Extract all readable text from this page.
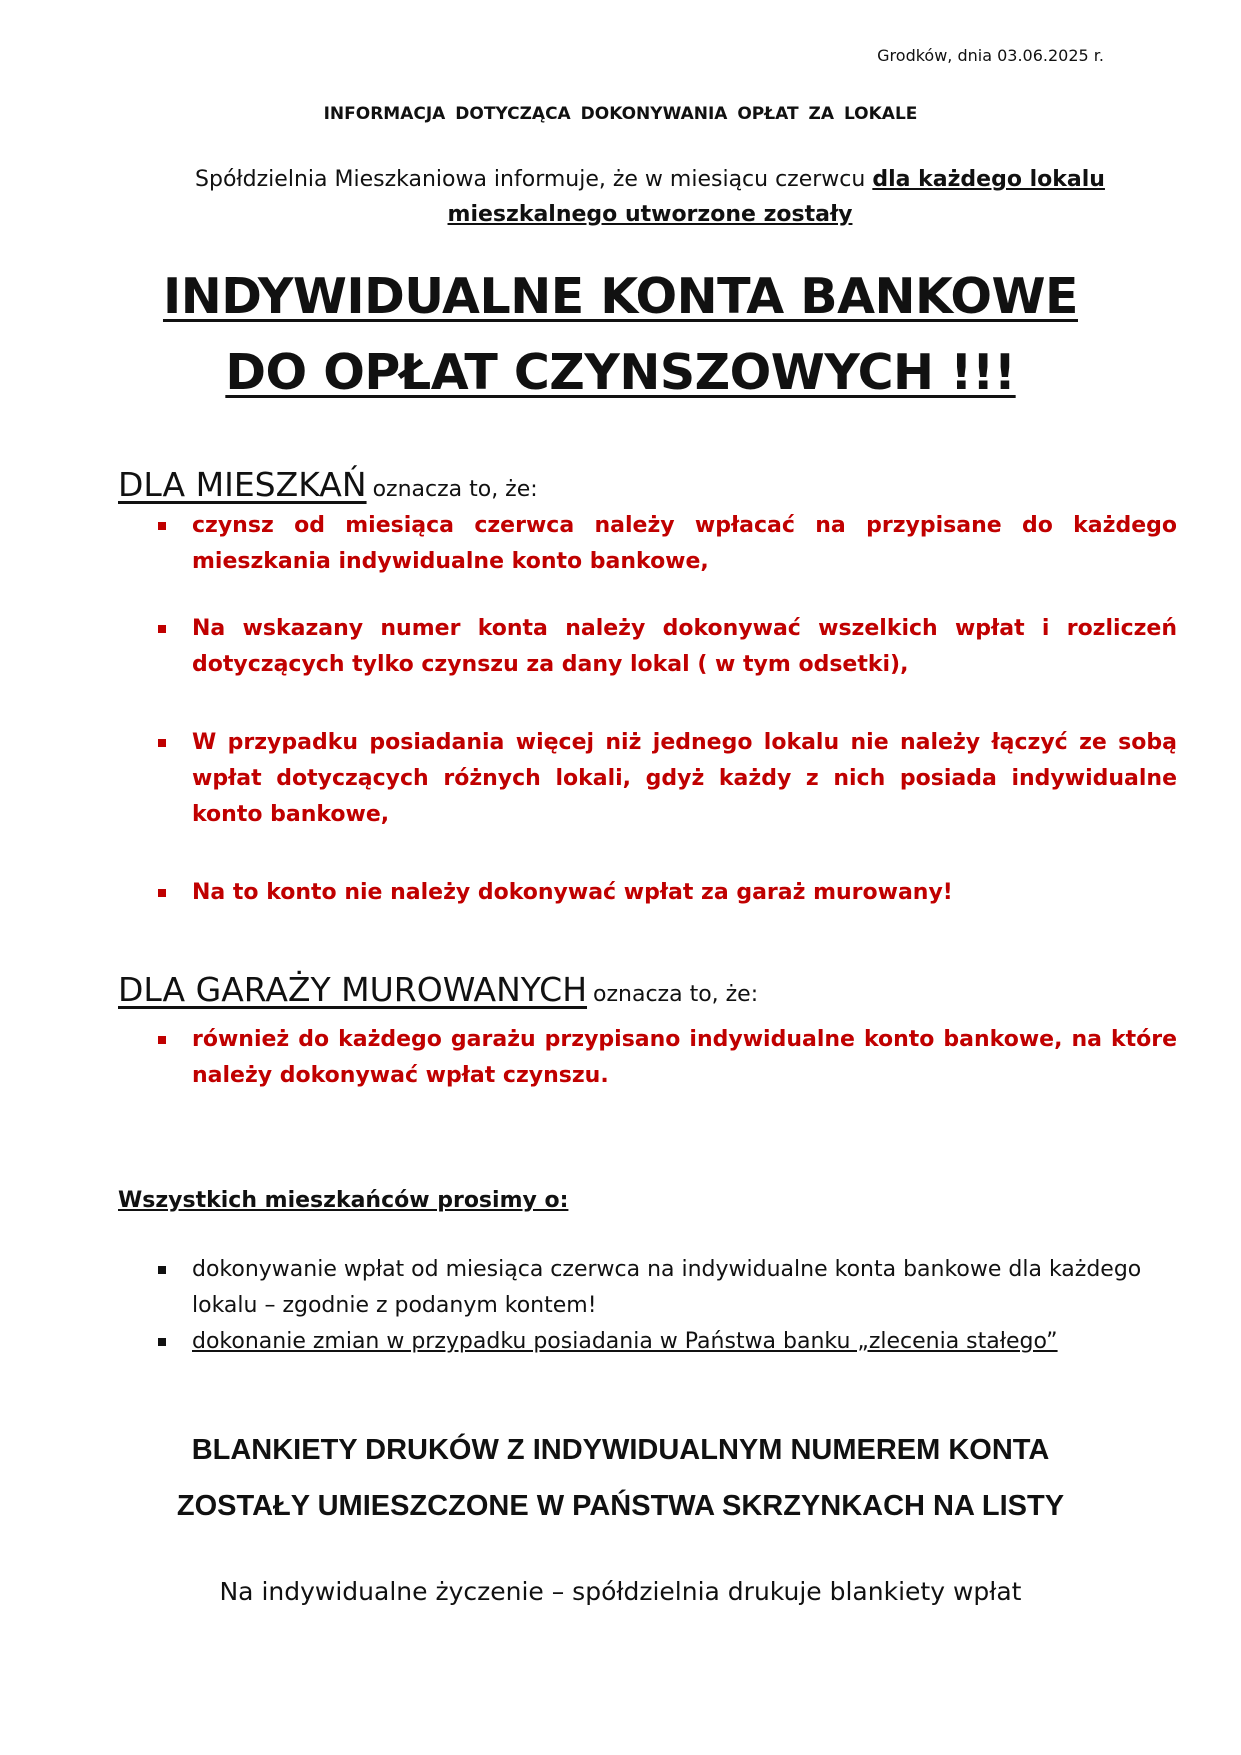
Grodków, dnia 03.06.2025 r.
INFORMACJA DOTYCZĄCA DOKONYWANIA OPŁAT ZA LOKALE
Spółdzielnia Mieszkaniowa informuje, że w miesiącu czerwcu dla każdego lokalu mieszkalnego utworzone zostały
INDYWIDUALNE KONTA BANKOWE
DO OPŁAT CZYNSZOWYCH !!!
DLA MIESZKAŃ oznacza to, że:
czynsz od miesiąca czerwca należy wpłacać na przypisane do każdego mieszkania indywidualne konto bankowe,
Na wskazany numer konta należy dokonywać wszelkich wpłat i rozliczeń dotyczących tylko czynszu za dany lokal ( w tym odsetki),
W przypadku posiadania więcej niż jednego lokalu nie należy łączyć ze sobą wpłat dotyczących różnych lokali, gdyż każdy z nich posiada indywidualne konto bankowe,
Na to konto nie należy dokonywać wpłat za garaż murowany!
DLA GARAŻY MUROWANYCH oznacza to, że:
również do każdego garażu przypisano indywidualne konto bankowe, na które należy dokonywać wpłat czynszu.
Wszystkich mieszkańców prosimy o:
dokonywanie wpłat od miesiąca czerwca na indywidualne konta bankowe dla każdego lokalu – zgodnie z podanym kontem!
dokonanie zmian w przypadku posiadania w Państwa banku „zlecenia stałego”
BLANKIETY DRUKÓW Z INDYWIDUALNYM NUMEREM KONTA
ZOSTAŁY UMIESZCZONE W PAŃSTWA SKRZYNKACH NA LISTY
Na indywidualne życzenie – spółdzielnia drukuje blankiety wpłat
